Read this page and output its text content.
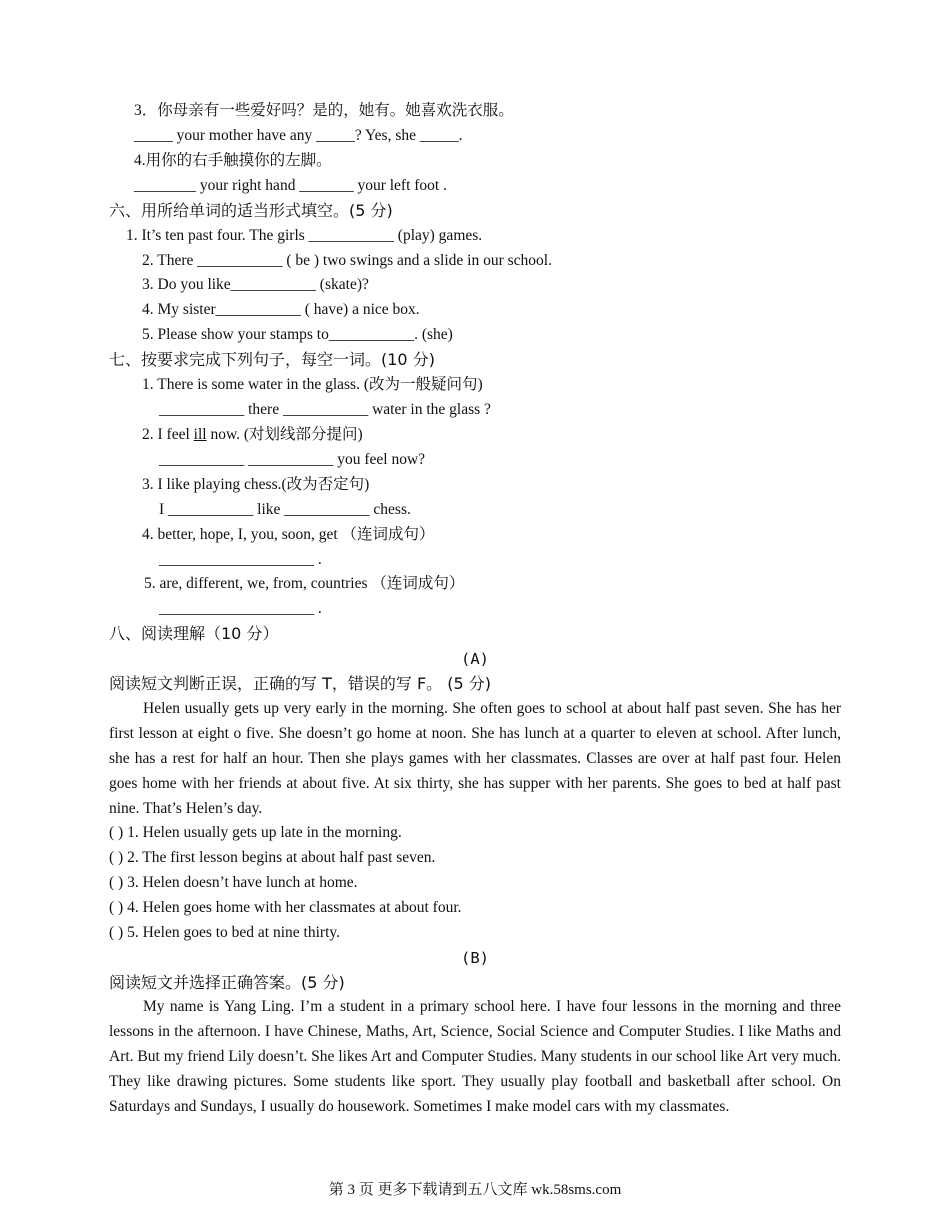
3．你母亲有一些爱好吗？是的，她有。她喜欢洗衣服。
_____ your mother have any _____? Yes, she _____.
4.用你的右手触摸你的左脚。
________ your right hand _______ your left foot .
六、用所给单词的适当形式填空。(5 分)
1. It’s ten past four. The girls ___________ (play) games.
2. There ___________ ( be ) two swings and a slide in our school.
3. Do you like___________ (skate)?
4. My sister___________ ( have) a nice box.
5. Please show your stamps to___________. (she)
七、按要求完成下列句子，每空一词。(10 分)
1. There is some water in the glass. (改为一般疑问句)
___________ there ___________ water in the glass ?
2. I feel ill now. (对划线部分提问)
___________ ___________ you feel now?
3. I like playing chess.(改为否定句)
I ___________ like ___________ chess.
4. better, hope, I, you, soon, get （连词成句）
____________________ .
5. are, different, we, from, countries （连词成句）
____________________ .
八、阅读理解（10 分）
(A)
阅读短文判断正误，正确的写 T，错误的写 F。 (5 分)
Helen usually gets up very early in the morning. She often goes to school at about half past seven. She has her first lesson at eight o five. She doesn’t go home at noon. She has lunch at a quarter to eleven at school. After lunch, she has a rest for half an hour. Then she plays games with her classmates. Classes are over at half past four. Helen goes home with her friends at about five. At six thirty, she has supper with her parents. She goes to bed at half past nine. That’s Helen’s day.
( ) 1. Helen usually gets up late in the morning.
( ) 2. The first lesson begins at about half past seven.
( ) 3. Helen doesn’t have lunch at home.
( ) 4. Helen goes home with her classmates at about four.
( ) 5. Helen goes to bed at nine thirty.
(B)
阅读短文并选择正确答案。(5 分)
My name is Yang Ling. I’m a student in a primary school here. I have four lessons in the morning and three lessons in the afternoon. I have Chinese, Maths, Art, Science, Social Science and Computer Studies. I like Maths and Art. But my friend Lily doesn’t. She likes Art and Computer Studies. Many students in our school like Art very much. They like drawing pictures. Some students like sport. They usually play football and basketball after school. On Saturdays and Sundays, I usually do housework. Sometimes I make model cars with my classmates.
第 3 页 更多下载请到五八文库 wk.58sms.com
